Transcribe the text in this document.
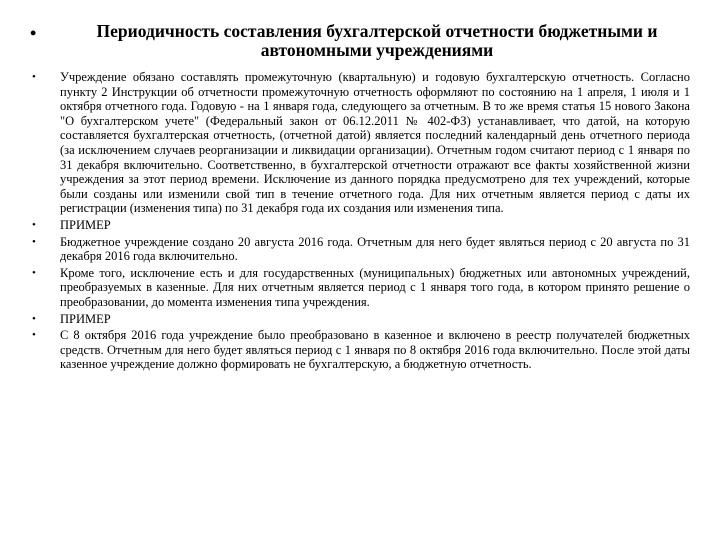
•	Периодичность составления бухгалтерской отчетности бюджетными и автономными учреждениями
• Учреждение обязано составлять промежуточную (квартальную) и годовую бухгалтерскую отчетность. Согласно пункту 2 Инструкции об отчетности промежуточную отчетность оформляют по состоянию на 1 апреля, 1 июля и 1 октября отчетного года. Годовую - на 1 января года, следующего за отчетным. В то же время статья 15 нового Закона "О бухгалтерском учете" (Федеральный закон от 06.12.2011 № 402-ФЗ) устанавливает, что датой, на которую составляется бухгалтерская отчетность, (отчетной датой) является последний календарный день отчетного периода (за исключением случаев реорганизации и ликвидации организации). Отчетным годом считают период с 1 января по 31 декабря включительно. Соответственно, в бухгалтерской отчетности отражают все факты хозяйственной жизни учреждения за этот период времени. Исключение из данного порядка предусмотрено для тех учреждений, которые были созданы или изменили свой тип в течение отчетного года. Для них отчетным является период с даты их регистрации (изменения типа) по 31 декабря года их создания или изменения типа.
• ПРИМЕР
• Бюджетное учреждение создано 20 августа 2016 года. Отчетным для него будет являться период с 20 августа по 31 декабря 2016 года включительно.
• Кроме того, исключение есть и для государственных (муниципальных) бюджетных или автономных учреждений, преобразуемых в казенные. Для них отчетным является период с 1 января того года, в котором принято решение о преобразовании, до момента изменения типа учреждения.
• ПРИМЕР
• С 8 октября 2016 года учреждение было преобразовано в казенное и включено в реестр получателей бюджетных средств. Отчетным для него будет являться период с 1 января по 8 октября 2016 года включительно. После этой даты казенное учреждение должно формировать не бухгалтерскую, а бюджетную отчетность.
